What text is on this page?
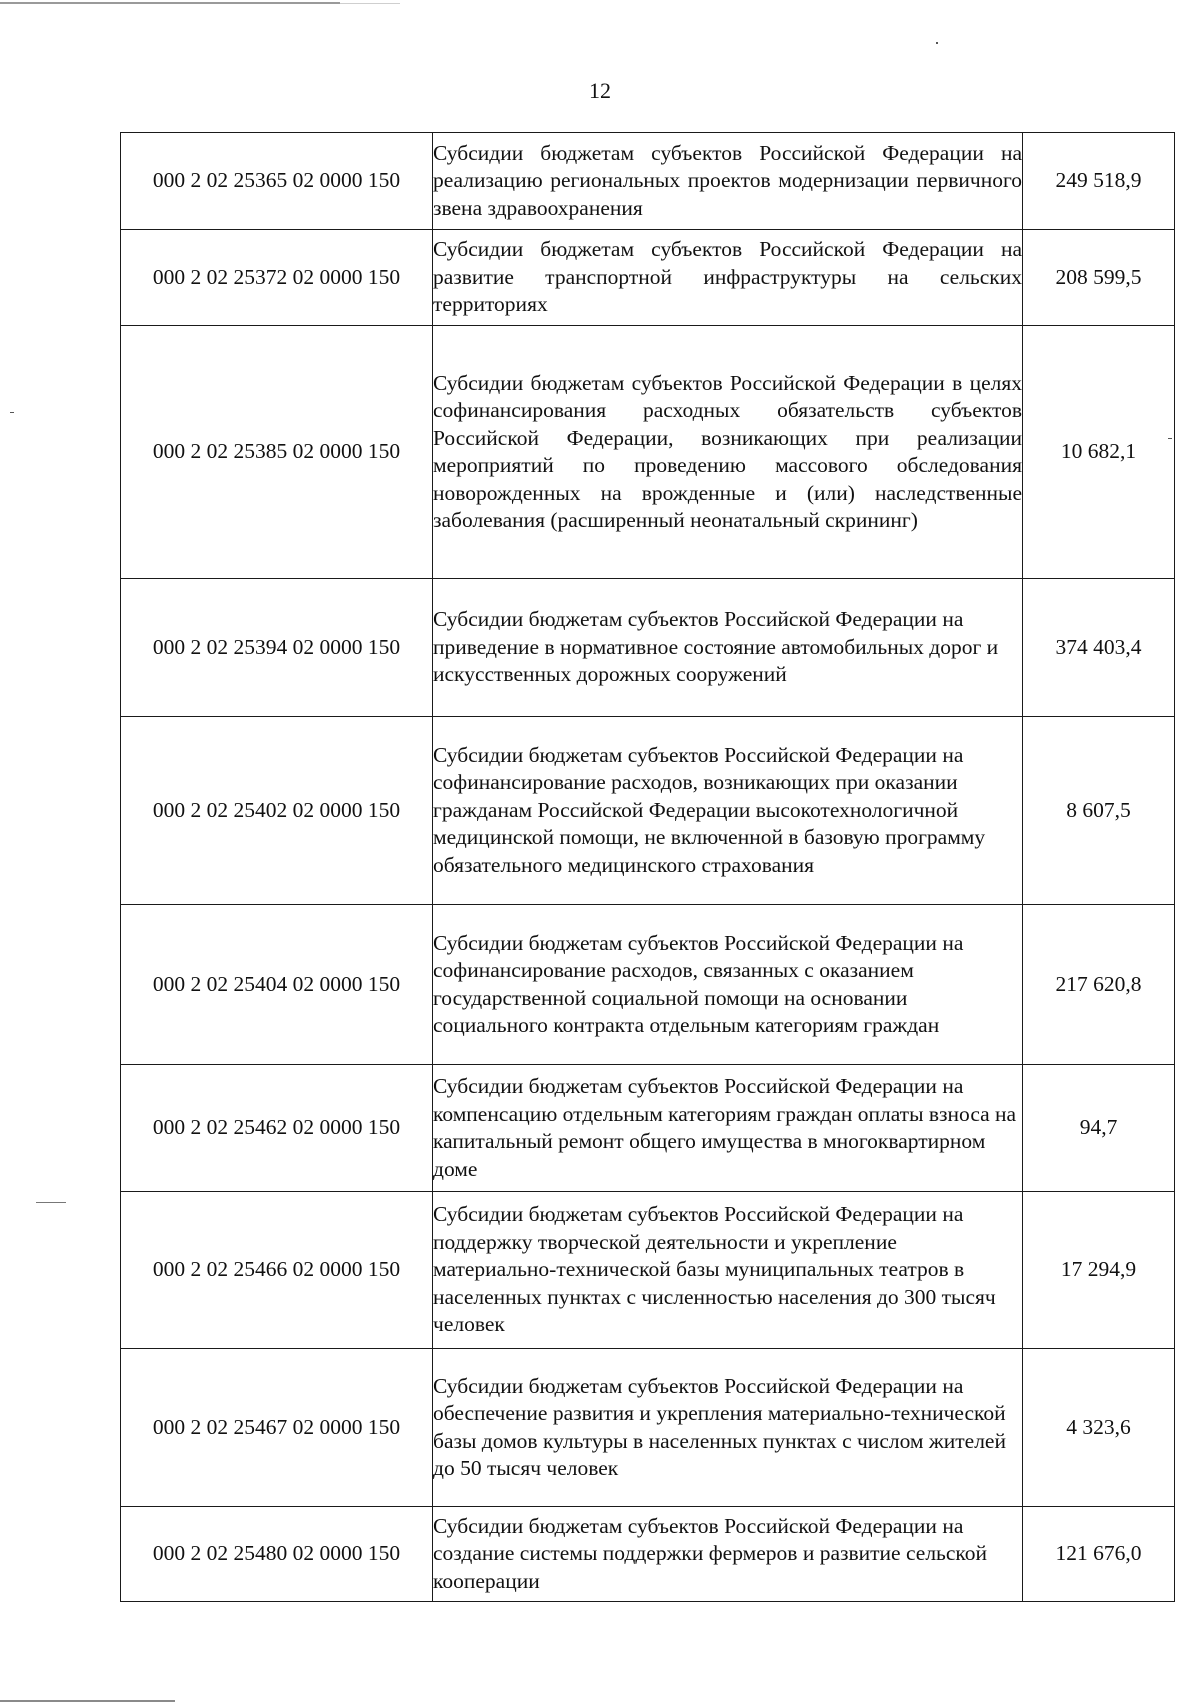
12
000 2 02 25365 02 0000 150	Субсидии бюджетам субъектов Российской Федерации на реализацию региональных проектов модернизации первичного звена здравоохранения	249 518,9
000 2 02 25372 02 0000 150	Субсидии бюджетам субъектов Российской Федерации на развитие транспортной инфраструктуры на сельских территориях	208 599,5
000 2 02 25385 02 0000 150	Субсидии бюджетам субъектов Российской Федерации в целях софинансирования расходных обязательств субъектов Российской Федерации, возникающих при реализации мероприятий по проведению массового обследования новорожденных на врожденные и (или) наследственные заболевания (расширенный неонатальный скрининг)	10 682,1
000 2 02 25394 02 0000 150	Субсидии бюджетам субъектов Российской Федерации на приведение в нормативное состояние автомобильных дорог и искусственных дорожных сооружений	374 403,4
000 2 02 25402 02 0000 150	Субсидии бюджетам субъектов Российской Федерации на софинансирование расходов, возникающих при оказании гражданам Российской Федерации высокотехнологичной медицинской помощи, не включенной в базовую программу обязательного медицинского страхования	8 607,5
000 2 02 25404 02 0000 150	Субсидии бюджетам субъектов Российской Федерации на софинансирование расходов, связанных с оказанием государственной социальной помощи на основании социального контракта отдельным категориям граждан	217 620,8
000 2 02 25462 02 0000 150	Субсидии бюджетам субъектов Российской Федерации на компенсацию отдельным категориям граждан оплаты взноса на капитальный ремонт общего имущества в многоквартирном доме	94,7
000 2 02 25466 02 0000 150	Субсидии бюджетам субъектов Российской Федерации на поддержку творческой деятельности и укрепление материально-технической базы муниципальных театров в населенных пунктах с численностью населения до 300 тысяч человек	17 294,9
000 2 02 25467 02 0000 150	Субсидии бюджетам субъектов Российской Федерации на обеспечение развития и укрепления материально-технической базы домов культуры в населенных пунктах с числом жителей до 50 тысяч человек	4 323,6
000 2 02 25480 02 0000 150	Субсидии бюджетам субъектов Российской Федерации на создание системы поддержки фермеров и развитие сельской кооперации	121 676,0
